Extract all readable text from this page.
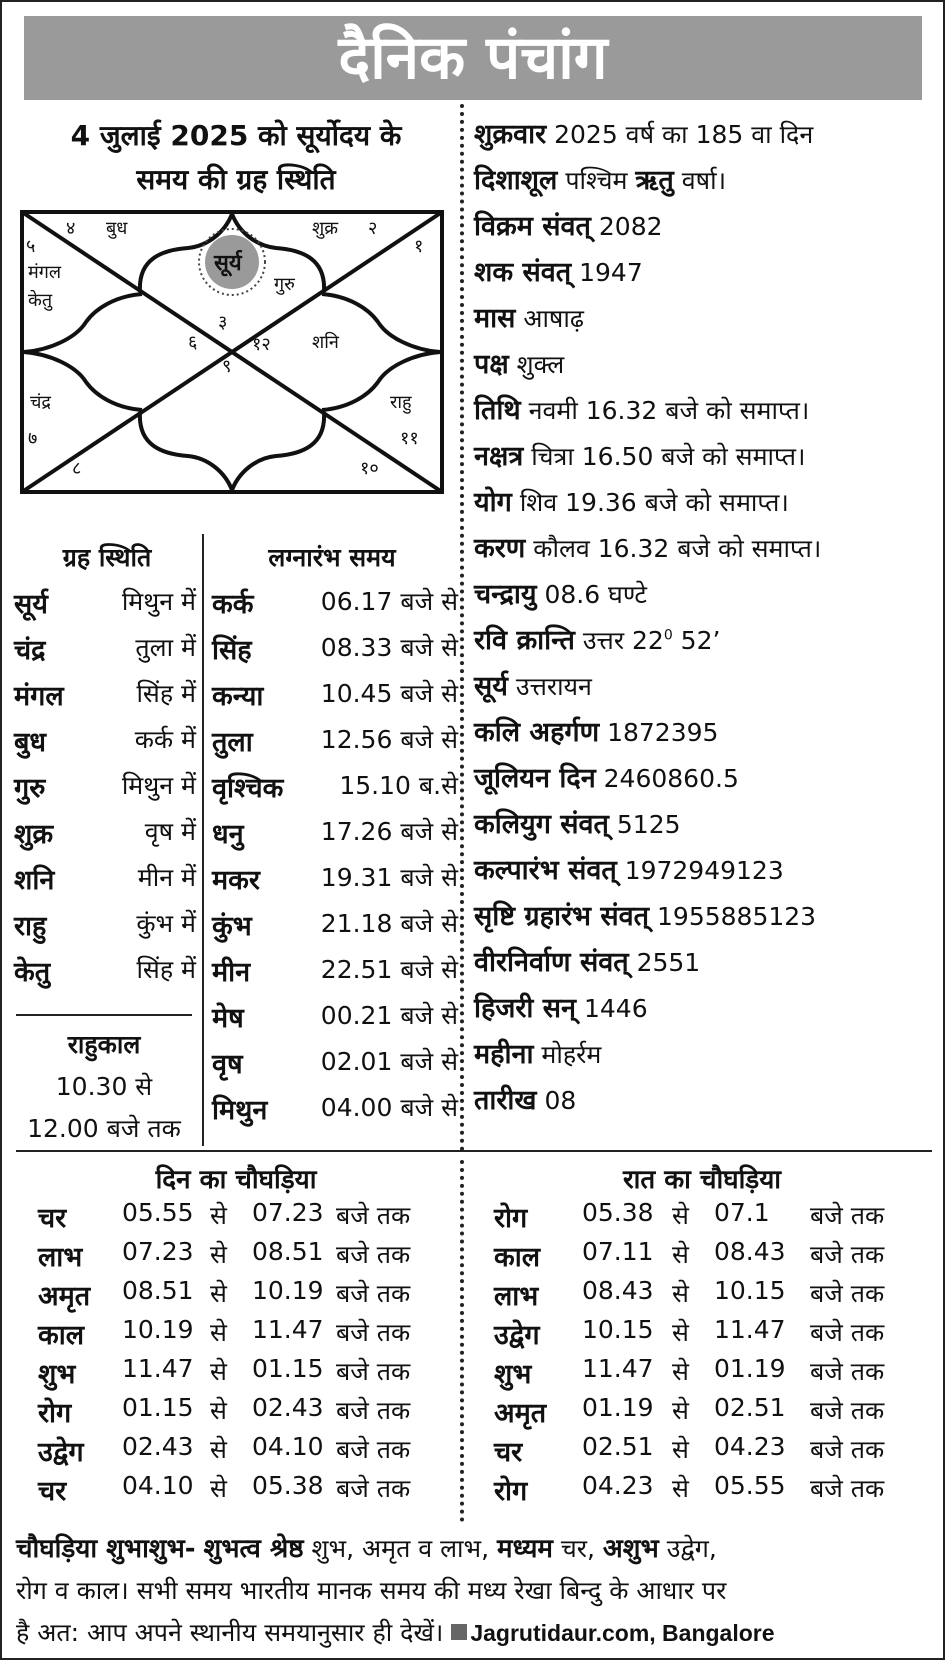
दैनिक पंचांग
4 जुलाई 2025 को सूर्योदय के
समय की ग्रह स्थिति
सूर्य
४ बुध	शुक्र २
१
५
मंगल
केतु
गुरु
३
६	१२ शनि
९
चंद्र	राहु
७	११
८	१०
ग्रह स्थिति
सूर्य	मिथुन में
चंद्र	तुला में
मंगल	सिंह में
बुध	कर्क में
गुरु	मिथुन में
शुक्र	वृष में
शनि	मीन में
राहु	कुंभ में
केतु	सिंह में
राहुकाल
10.30 से
12.00 बजे तक
लग्नारंभ समय
कर्क	06.17 बजे से
सिंह	08.33 बजे से
कन्या 10.45 बजे से
तुला	12.56 बजे से
वृश्चिक 15.10 ब.से
धनु	17.26 बजे से
मकर 19.31 बजे से
कुंभ	21.18 बजे से
मीन	22.51 बजे से
मेष	00.21 बजे से
वृष	02.01 बजे से
मिथुन 04.00 बजे से
शुक्रवार 2025 वर्ष का 185 वा दिन
दिशाशूल पश्चिम ऋतु वर्षा।
विक्रम संवत् 2082
शक संवत् 1947
मास आषाढ़
पक्ष शुक्ल
तिथि नवमी 16.32 बजे को समाप्त।
नक्षत्र चित्रा 16.50 बजे को समाप्त।
योग शिव 19.36 बजे को समाप्त।
करण कौलव 16.32 बजे को समाप्त।
चन्द्रायु 08.6 घण्टे
रवि क्रान्ति उत्तर $22^0$ 52’
सूर्य उत्तरायन
कलि अहर्गण 1872395
जूलियन दिन 2460860.5
कलियुग संवत् 5125
कल्पारंभ संवत् 1972949123
सृष्टि ग्रहारंभ संवत् 1955885123
वीरनिर्वाण संवत् 2551
हिजरी सन् 1446
महीना मोहर्रम
तारीख 08
दिन का चौघड़िया	रात का चौघड़िया
चर 05.55 से 07.23 बजे तक
लाभ 07.23 से 08.51 बजे तक
अमृत 08.51 से 10.19 बजे तक
काल 10.19 से 11.47 बजे तक
शुभ 11.47 से 01.15 बजे तक
रोग 01.15 से 02.43 बजे तक
उद्वेग 02.43 से 04.10 बजे तक
चर 04.10 से 05.38 बजे तक
रोग 05.38 से 07.1 बजे तक
काल 07.11 से 08.43 बजे तक
लाभ 08.43 से 10.15 बजे तक
उद्वेग 10.15 से 11.47 बजे तक
शुभ 11.47 से 01.19 बजे तक
अमृत 01.19 से 02.51 बजे तक
चर 02.51 से 04.23 बजे तक
रोग 04.23 से 05.55 बजे तक
चौघड़िया शुभाशुभ- शुभत्व श्रेष्ठ शुभ, अमृत व लाभ, मध्यम चर, अशुभ उद्वेग,
रोग व काल। सभी समय भारतीय मानक समय की मध्य रेखा बिन्दु के आधार पर
है अत: आप अपने स्थानीय समयानुसार ही देखें। Jagrutidaur.com, Bangalore
